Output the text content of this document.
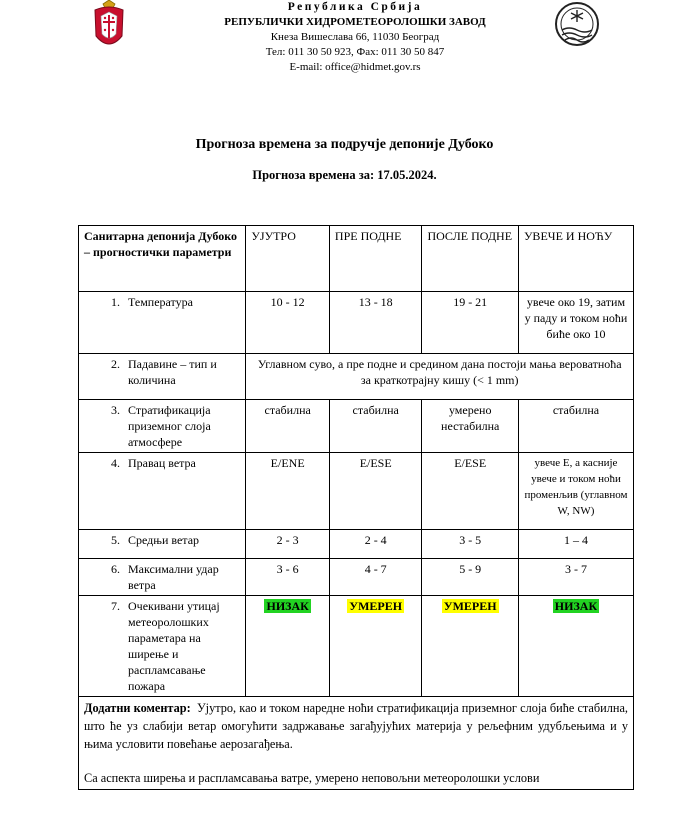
Република Србија
РЕПУБЛИЧКИ ХИДРОМЕТЕОРОЛОШКИ ЗАВОД
Кнеза Вишеслава 66, 11030 Београд
Тел: 011 30 50 923, Фах: 011 30 50 847
E-mail: office@hidmet.gov.rs
Прогноза времена за подручје депоније Дубоко
Прогноза времена за: 17.05.2024.
Санитарна депонија Дубоко – прогностички параметри	УЈУТРО	ПРЕ ПОДНЕ	ПОСЛЕ ПОДНЕ	УВЕЧЕ И НОЋУ

1. Температура	10 - 12	13 - 18	19 - 21	увече око 19, затим у паду и током ноћи биће око 10

2. Падавине – тип и количина	Углавном суво, а пре подне и средином дана постоји мања вероватноћа за краткотрајну кишу (< 1 mm)			

3. Стратификација приземног слоја атмосфере	стабилна	стабилна	умерено нестабилна	стабилна

4. Правац ветра	E/ENE	E/ESE	E/ESE	увече E, а касније увече и током ноћи променљив (углавном W, NW)

5. Средњи ветар	2 - 3	2 - 4	3 - 5	1 – 4

6. Максимални удар ветра	3 - 6	4 - 7	5 - 9	3 - 7

7. Очекивани утицај метеоролошких параметара на ширење и распламсавање пожара	НИЗАК	УМЕРЕН	УМЕРЕН	НИЗАК

Додатни коментар: Ујутро, као и током наредне ноћи стратификација приземног слоја биће стабилна, што ће уз слабији ветар омогућити задржавање загађујућих материја у рељефним удубљењима и у њима условити повећање аерозагађења.

Са аспекта ширења и распламсавања ватре, умерено неповољни метеоролошки услови				
